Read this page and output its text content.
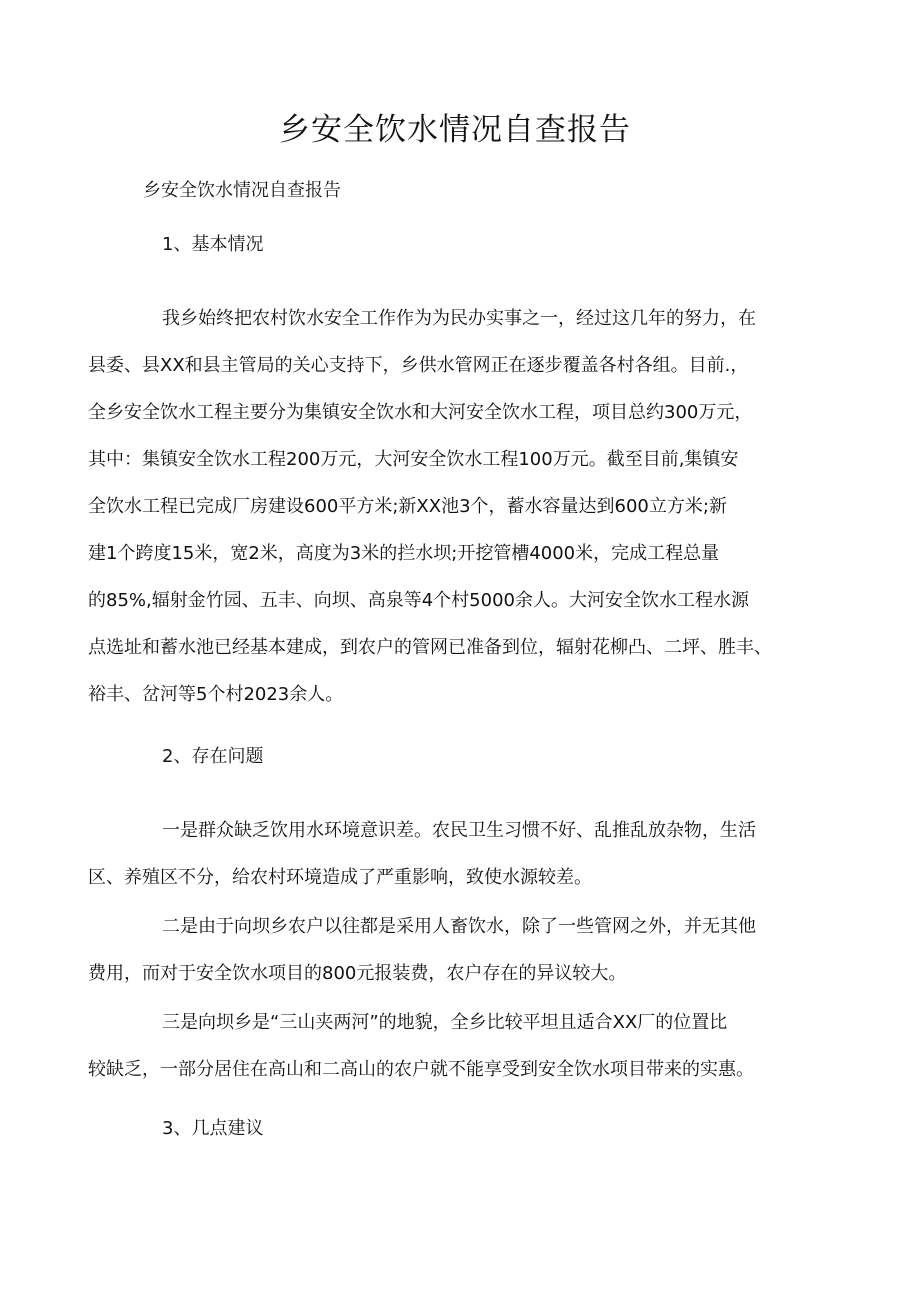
乡安全饮水情况自查报告
乡安全饮水情况自查报告
1、基本情况
我乡始终把农村饮水安全工作作为为民办实事之一，经过这几年的努力，在
县委、县XX和县主管局的关心支持下，乡供水管网正在逐步覆盖各村各组。目前.，
全乡安全饮水工程主要分为集镇安全饮水和大河安全饮水工程，项目总约300万元，
其中：集镇安全饮水工程200万元，大河安全饮水工程100万元。截至目前,集镇安
全饮水工程已完成厂房建设600平方米;新XX池3个，蓄水容量达到600立方米;新
建1个跨度15米，宽2米，高度为3米的拦水坝;开挖管槽4000米，完成工程总量
的85%,辐射金竹园、五丰、向坝、高泉等4个村5000余人。大河安全饮水工程水源
点选址和蓄水池已经基本建成，到农户的管网已准备到位，辐射花柳凸、二坪、胜丰、
裕丰、岔河等5个村2023余人。
2、存在问题
一是群众缺乏饮用水环境意识差。农民卫生习惯不好、乱推乱放杂物，生活
区、养殖区不分，给农村环境造成了严重影响，致使水源较差。
二是由于向坝乡农户以往都是采用人畜饮水，除了一些管网之外，并无其他
费用，而对于安全饮水项目的800元报装费，农户存在的异议较大。
三是向坝乡是“三山夹两河”的地貌，全乡比较平坦且适合XX厂的位置比
较缺乏，一部分居住在高山和二高山的农户就不能享受到安全饮水项目带来的实惠。
3、几点建议
